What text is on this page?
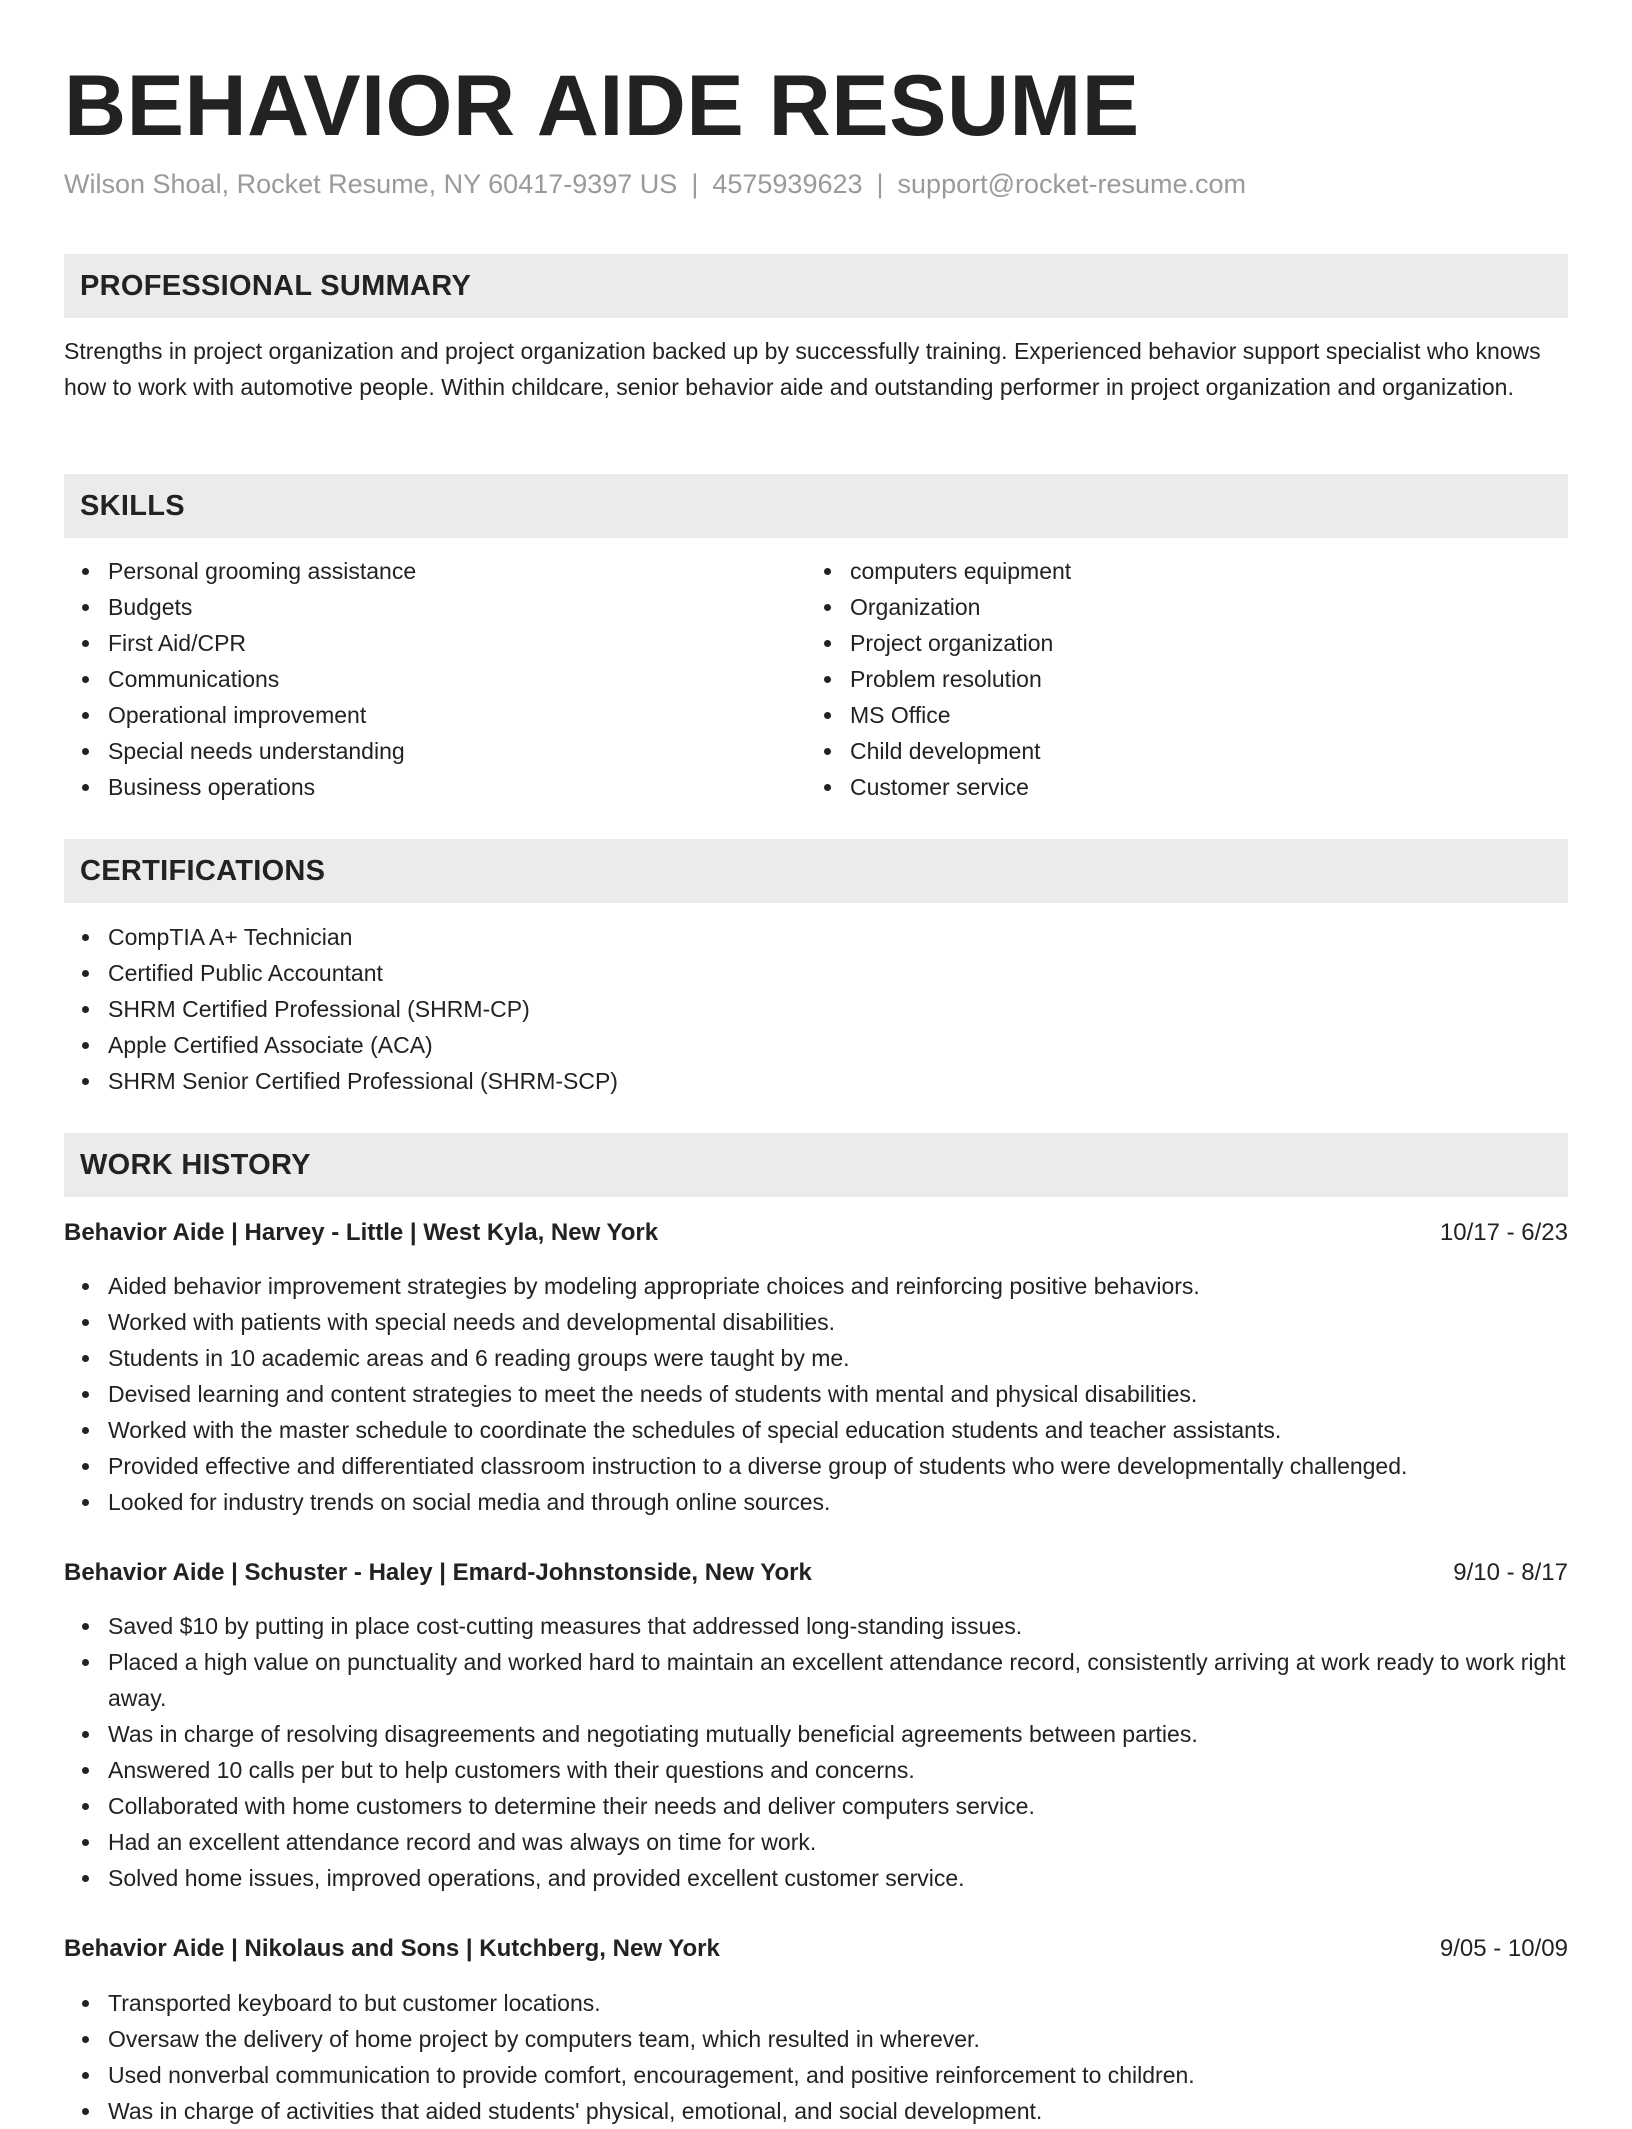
BEHAVIOR AIDE RESUME
Wilson Shoal, Rocket Resume, NY 60417-9397 US | 4575939623 | support@rocket-resume.com
PROFESSIONAL SUMMARY
Strengths in project organization and project organization backed up by successfully training. Experienced behavior support specialist who knows how to work with automotive people. Within childcare, senior behavior aide and outstanding performer in project organization and organization.
SKILLS
Personal grooming assistance
Budgets
First Aid/CPR
Communications
Operational improvement
Special needs understanding
Business operations
computers equipment
Organization
Project organization
Problem resolution
MS Office
Child development
Customer service
CERTIFICATIONS
CompTIA A+ Technician
Certified Public Accountant
SHRM Certified Professional (SHRM-CP)
Apple Certified Associate (ACA)
SHRM Senior Certified Professional (SHRM-SCP)
WORK HISTORY
Behavior Aide | Harvey - Little | West Kyla, New York	10/17 - 6/23
Aided behavior improvement strategies by modeling appropriate choices and reinforcing positive behaviors.
Worked with patients with special needs and developmental disabilities.
Students in 10 academic areas and 6 reading groups were taught by me.
Devised learning and content strategies to meet the needs of students with mental and physical disabilities.
Worked with the master schedule to coordinate the schedules of special education students and teacher assistants.
Provided effective and differentiated classroom instruction to a diverse group of students who were developmentally challenged.
Looked for industry trends on social media and through online sources.
Behavior Aide | Schuster - Haley | Emard-Johnstonside, New York	9/10 - 8/17
Saved $10 by putting in place cost-cutting measures that addressed long-standing issues.
Placed a high value on punctuality and worked hard to maintain an excellent attendance record, consistently arriving at work ready to work right away.
Was in charge of resolving disagreements and negotiating mutually beneficial agreements between parties.
Answered 10 calls per but to help customers with their questions and concerns.
Collaborated with home customers to determine their needs and deliver computers service.
Had an excellent attendance record and was always on time for work.
Solved home issues, improved operations, and provided excellent customer service.
Behavior Aide | Nikolaus and Sons | Kutchberg, New York	9/05 - 10/09
Transported keyboard to but customer locations.
Oversaw the delivery of home project by computers team, which resulted in wherever.
Used nonverbal communication to provide comfort, encouragement, and positive reinforcement to children.
Was in charge of activities that aided students' physical, emotional, and social development.
